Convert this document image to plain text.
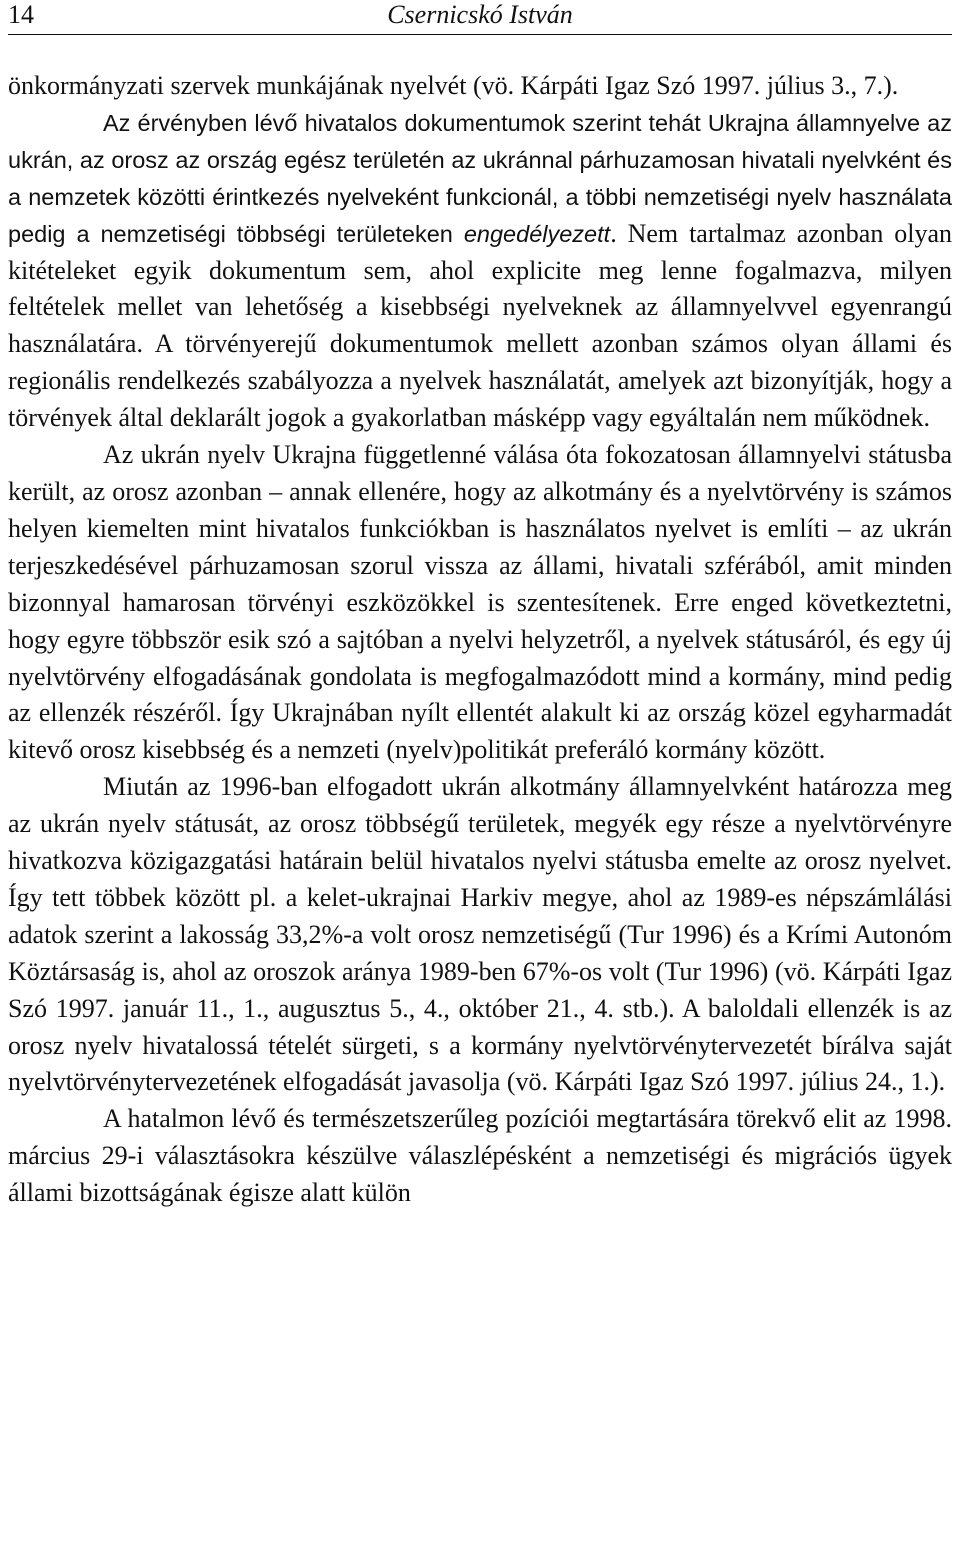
14	Csernicskó István

önkormányzati szervek munkájának nyelvét (vö. Kárpáti Igaz Szó 1997. július 3., 7.).

Az érvényben lévő hivatalos dokumentumok szerint tehát Ukrajna államnyelve az ukrán, az orosz az ország egész területén az ukránnal párhuzamosan hivatali nyelvként és a nemzetek közötti érintkezés nyelveként funkcionál, a többi nemzetiségi nyelv használata pedig a nemzetiségi többségi területeken engedélyezett. Nem tartalmaz azonban olyan kitételeket egyik dokumentum sem, ahol explicite meg lenne fogalmazva, milyen feltételek mellet van lehetőség a kisebbségi nyelveknek az államnyelvvel egyenrangú használatára. A törvényerejű dokumentumok mellett azonban számos olyan állami és regionális rendelkezés szabályozza a nyelvek használatát, amelyek azt bizonyítják, hogy a törvények által deklarált jogok a gyakorlatban másképp vagy egyáltalán nem működnek.

Az ukrán nyelv Ukrajna függetlenné válása óta fokozatosan államnyelvi státusba került, az orosz azonban – annak ellenére, hogy az alkotmány és a nyelvtörvény is számos helyen kiemelten mint hivatalos funkciókban is használatos nyelvet is említi – az ukrán terjeszkedésével párhuzamosan szorul vissza az állami, hivatali szférából, amit minden bizonnyal hamarosan törvényi eszközökkel is szentesítenek. Erre enged következtetni, hogy egyre többször esik szó a sajtóban a nyelvi helyzetről, a nyelvek státusáról, és egy új nyelvtörvény elfogadásának gondolata is megfogalmazódott mind a kormány, mind pedig az ellenzék részéről. Így Ukrajnában nyílt ellentét alakult ki az ország közel egyharmadát kitevő orosz kisebbség és a nemzeti (nyelv)politikát preferáló kormány között.

Miután az 1996-ban elfogadott ukrán alkotmány államnyelvként határozza meg az ukrán nyelv státusát, az orosz többségű területek, megyék egy része a nyelvtörvényre hivatkozva közigazgatási határain belül hivatalos nyelvi státusba emelte az orosz nyelvet. Így tett többek között pl. a kelet-ukrajnai Harkiv megye, ahol az 1989-es népszámlálási adatok szerint a lakosság 33,2%-a volt orosz nemzetiségű (Tur 1996) és a Krími Autonóm Köztársaság is, ahol az oroszok aránya 1989-ben 67%-os volt (Tur 1996) (vö. Kárpáti Igaz Szó 1997. január 11., 1., augusztus 5., 4., október 21., 4. stb.). A baloldali ellenzék is az orosz nyelv hivatalossá tételét sürgeti, s a kormány nyelvtörvénytervezetét bírálva saját nyelvtörvénytervezetének elfogadását javasolja (vö. Kárpáti Igaz Szó 1997. július 24., 1.).

A hatalmon lévő és természetszerűleg pozíciói megtartására törekvő elit az 1998. március 29-i választásokra készülve válaszlépésként a nemzetiségi és migrációs ügyek állami bizottságának égisze alatt külön
